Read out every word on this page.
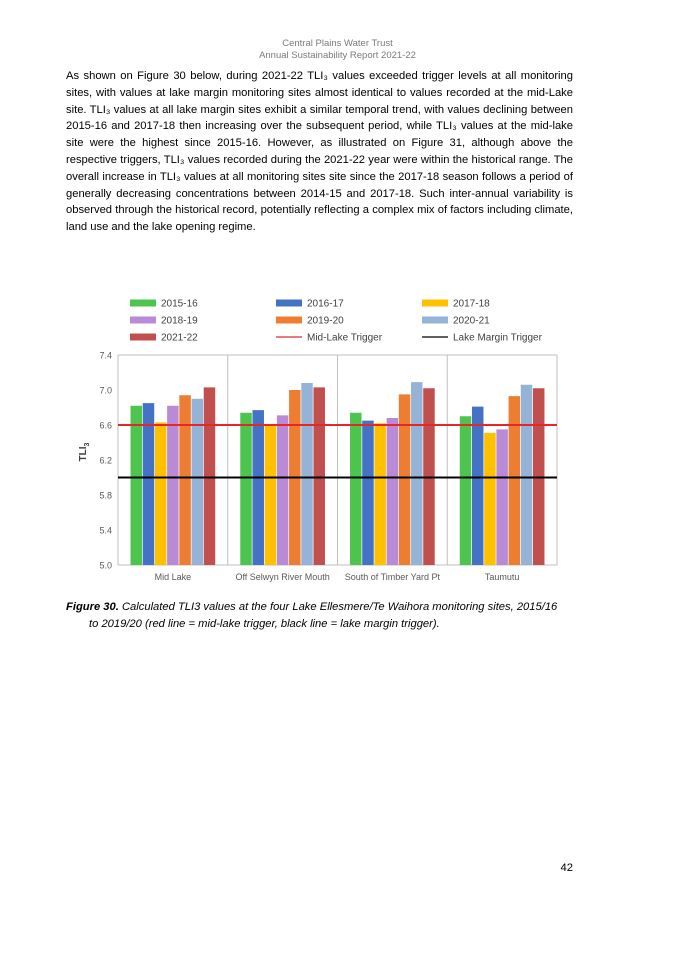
Central Plains Water Trust
Annual Sustainability Report 2021-22

As shown on Figure 30 below, during 2021-22 TLI₃ values exceeded trigger levels at all monitoring sites, with values at lake margin monitoring sites almost identical to values recorded at the mid-Lake site. TLI₃ values at all lake margin sites exhibit a similar temporal trend, with values declining between 2015-16 and 2017-18 then increasing over the subsequent period, while TLI₃ values at the mid-lake site were the highest since 2015-16. However, as illustrated on Figure 31, although above the respective triggers, TLI₃ values recorded during the 2021-22 year were within the historical range. The overall increase in TLI₃ values at all monitoring sites site since the 2017-18 season follows a period of generally decreasing concentrations between 2014-15 and 2017-18. Such inter-annual variability is observed through the historical record, potentially reflecting a complex mix of factors including climate, land use and the lake opening regime.

2015-16	2016-17	2017-18
2018-19	2019-20	2020-21
2021-22	Mid-Lake Trigger	Lake Margin Trigger
5.0
5.4
5.8
6.2
6.6
7.0
7.4
Mid Lake	Off Selwyn River Mouth South of Timber Yard Pt	Taumutu
$TLI_3$
Figure 30. Calculated TLI3 values at the four Lake Ellesmere/Te Waihora monitoring sites, 2015/16
to 2019/20 (red line = mid-lake trigger, black line = lake margin trigger).
42
